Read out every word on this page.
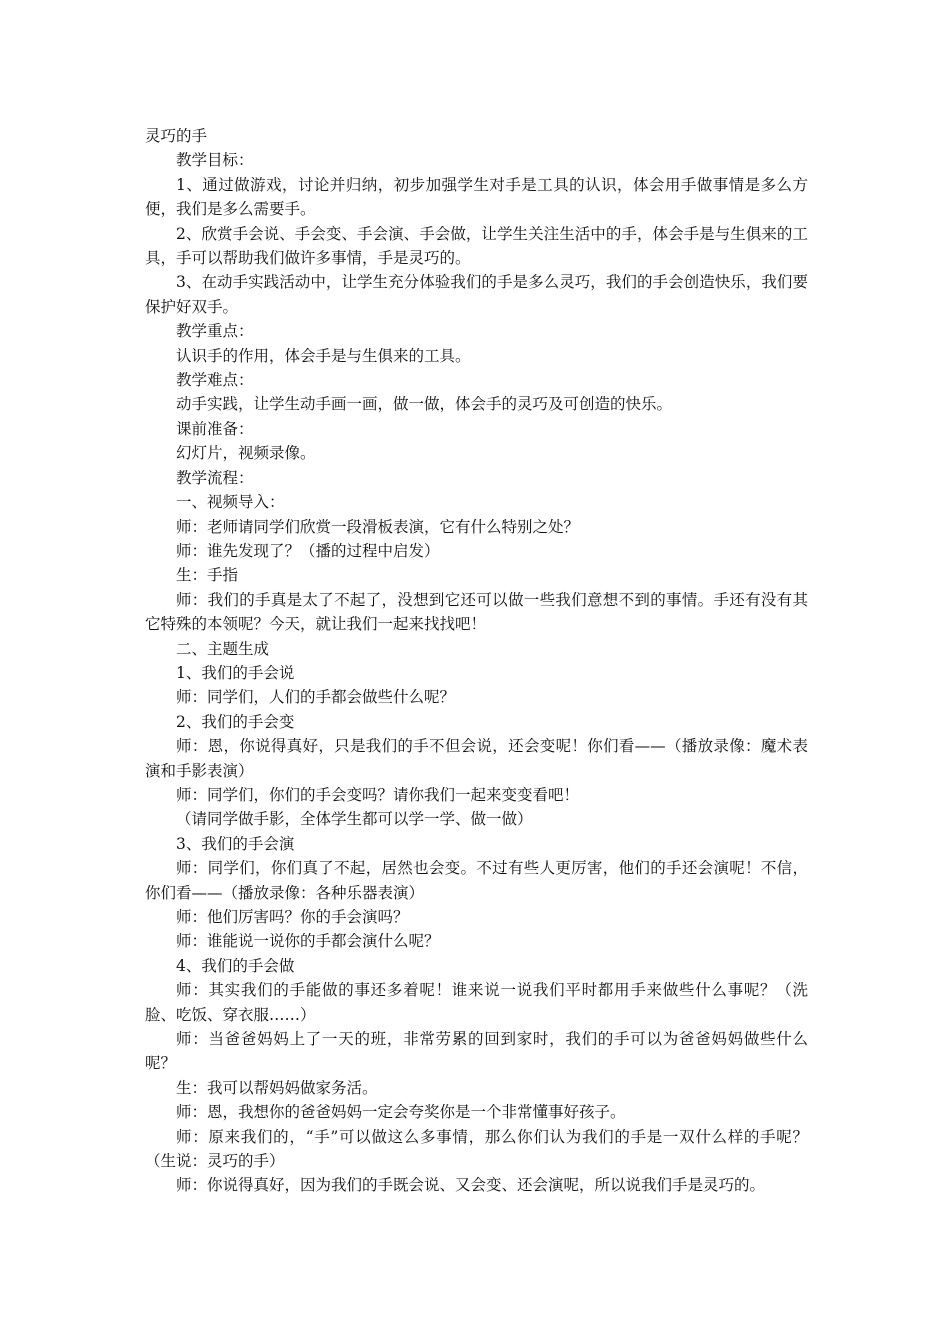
灵巧的手

教学目标：

1、通过做游戏，讨论并归纳，初步加强学生对手是工具的认识，体会用手做事情是多么方便，我们是多么需要手。

2、欣赏手会说、手会变、手会演、手会做，让学生关注生活中的手，体会手是与生俱来的工具，手可以帮助我们做许多事情，手是灵巧的。

3、在动手实践活动中，让学生充分体验我们的手是多么灵巧，我们的手会创造快乐，我们要保护好双手。

教学重点：

认识手的作用，体会手是与生俱来的工具。

教学难点：

动手实践，让学生动手画一画，做一做，体会手的灵巧及可创造的快乐。

课前准备：

幻灯片，视频录像。

教学流程：

一、视频导入：

师：老师请同学们欣赏一段滑板表演，它有什么特别之处？

师：谁先发现了？（播的过程中启发）

生：手指

师：我们的手真是太了不起了，没想到它还可以做一些我们意想不到的事情。手还有没有其它特殊的本领呢？今天，就让我们一起来找找吧！

二、主题生成

1、我们的手会说

师：同学们，人们的手都会做些什么呢？

2、我们的手会变

师：恩，你说得真好，只是我们的手不但会说，还会变呢！你们看——（播放录像：魔术表演和手影表演）

师：同学们，你们的手会变吗？请你我们一起来变变看吧！

（请同学做手影，全体学生都可以学一学、做一做）

3、我们的手会演

师：同学们，你们真了不起，居然也会变。不过有些人更厉害，他们的手还会演呢！不信，你们看——（播放录像：各种乐器表演）

师：他们厉害吗？你的手会演吗？

师：谁能说一说你的手都会演什么呢？

4、我们的手会做

师：其实我们的手能做的事还多着呢！谁来说一说我们平时都用手来做些什么事呢？（洗脸、吃饭、穿衣服……）

师：当爸爸妈妈上了一天的班，非常劳累的回到家时，我们的手可以为爸爸妈妈做些什么呢？

生：我可以帮妈妈做家务活。

师：恩，我想你的爸爸妈妈一定会夸奖你是一个非常懂事好孩子。

师：原来我们的，“手”可以做这么多事情，那么你们认为我们的手是一双什么样的手呢？（生说：灵巧的手）

师：你说得真好，因为我们的手既会说、又会变、还会演呢，所以说我们手是灵巧的。
